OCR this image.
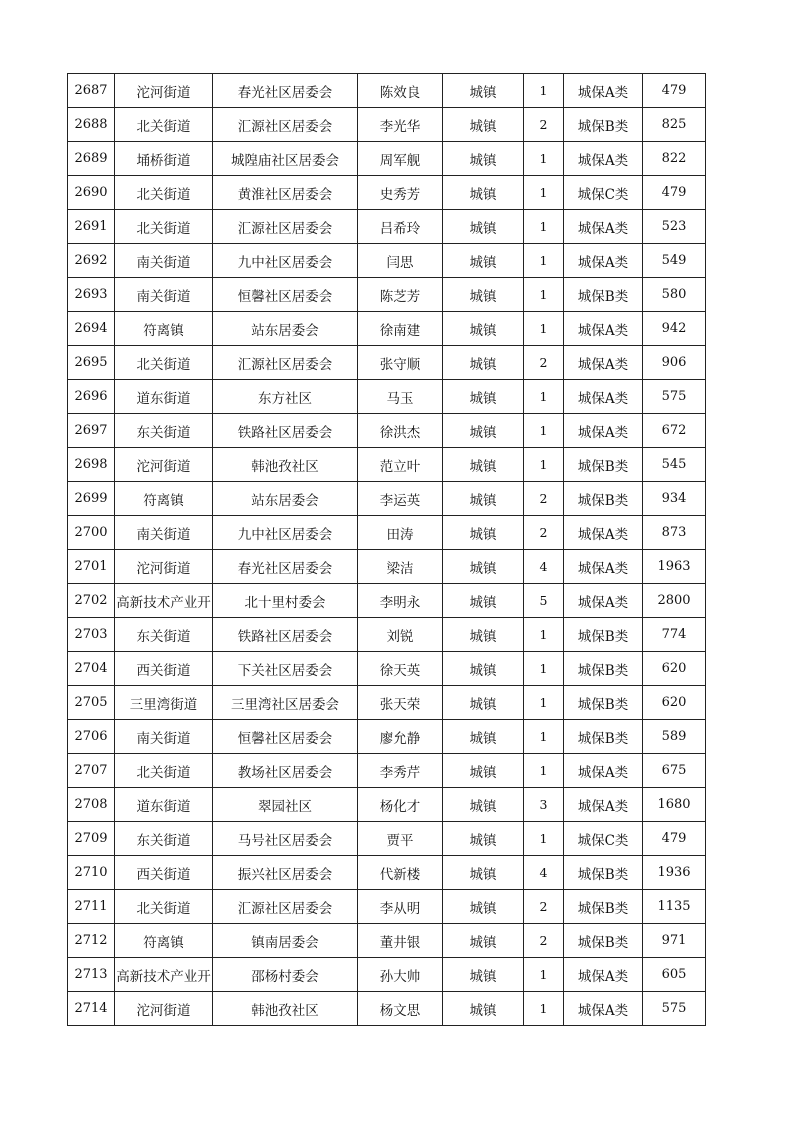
2687	沱河街道	春光社区居委会	陈效良	城镇	1	城保A类	479
2688	北关街道	汇源社区居委会	李光华	城镇	2	城保B类	825
2689	埇桥街道	城隍庙社区居委会	周军舰	城镇	1	城保A类	822
2690	北关街道	黄淮社区居委会	史秀芳	城镇	1	城保C类	479
2691	北关街道	汇源社区居委会	吕希玲	城镇	1	城保A类	523
2692	南关街道	九中社区居委会	闫思	城镇	1	城保A类	549
2693	南关街道	恒馨社区居委会	陈芝芳	城镇	1	城保B类	580
2694	符离镇	站东居委会	徐南建	城镇	1	城保A类	942
2695	北关街道	汇源社区居委会	张守顺	城镇	2	城保A类	906
2696	道东街道	东方社区	马玉	城镇	1	城保A类	575
2697	东关街道	铁路社区居委会	徐洪杰	城镇	1	城保A类	672
2698	沱河街道	韩池孜社区	范立叶	城镇	1	城保B类	545
2699	符离镇	站东居委会	李运英	城镇	2	城保B类	934
2700	南关街道	九中社区居委会	田涛	城镇	2	城保A类	873
2701	沱河街道	春光社区居委会	梁洁	城镇	4	城保A类	1963
2702	高新技术产业开	北十里村委会	李明永	城镇	5	城保A类	2800
2703	东关街道	铁路社区居委会	刘锐	城镇	1	城保B类	774
2704	西关街道	下关社区居委会	徐天英	城镇	1	城保B类	620
2705	三里湾街道	三里湾社区居委会	张天荣	城镇	1	城保B类	620
2706	南关街道	恒馨社区居委会	廖允静	城镇	1	城保B类	589
2707	北关街道	教场社区居委会	李秀芹	城镇	1	城保A类	675
2708	道东街道	翠园社区	杨化才	城镇	3	城保A类	1680
2709	东关街道	马号社区居委会	贾平	城镇	1	城保C类	479
2710	西关街道	振兴社区居委会	代新楼	城镇	4	城保B类	1936
2711	北关街道	汇源社区居委会	李从明	城镇	2	城保B类	1135
2712	符离镇	镇南居委会	董井银	城镇	2	城保B类	971
2713	高新技术产业开	邵杨村委会	孙大帅	城镇	1	城保A类	605
2714	沱河街道	韩池孜社区	杨文思	城镇	1	城保A类	575
